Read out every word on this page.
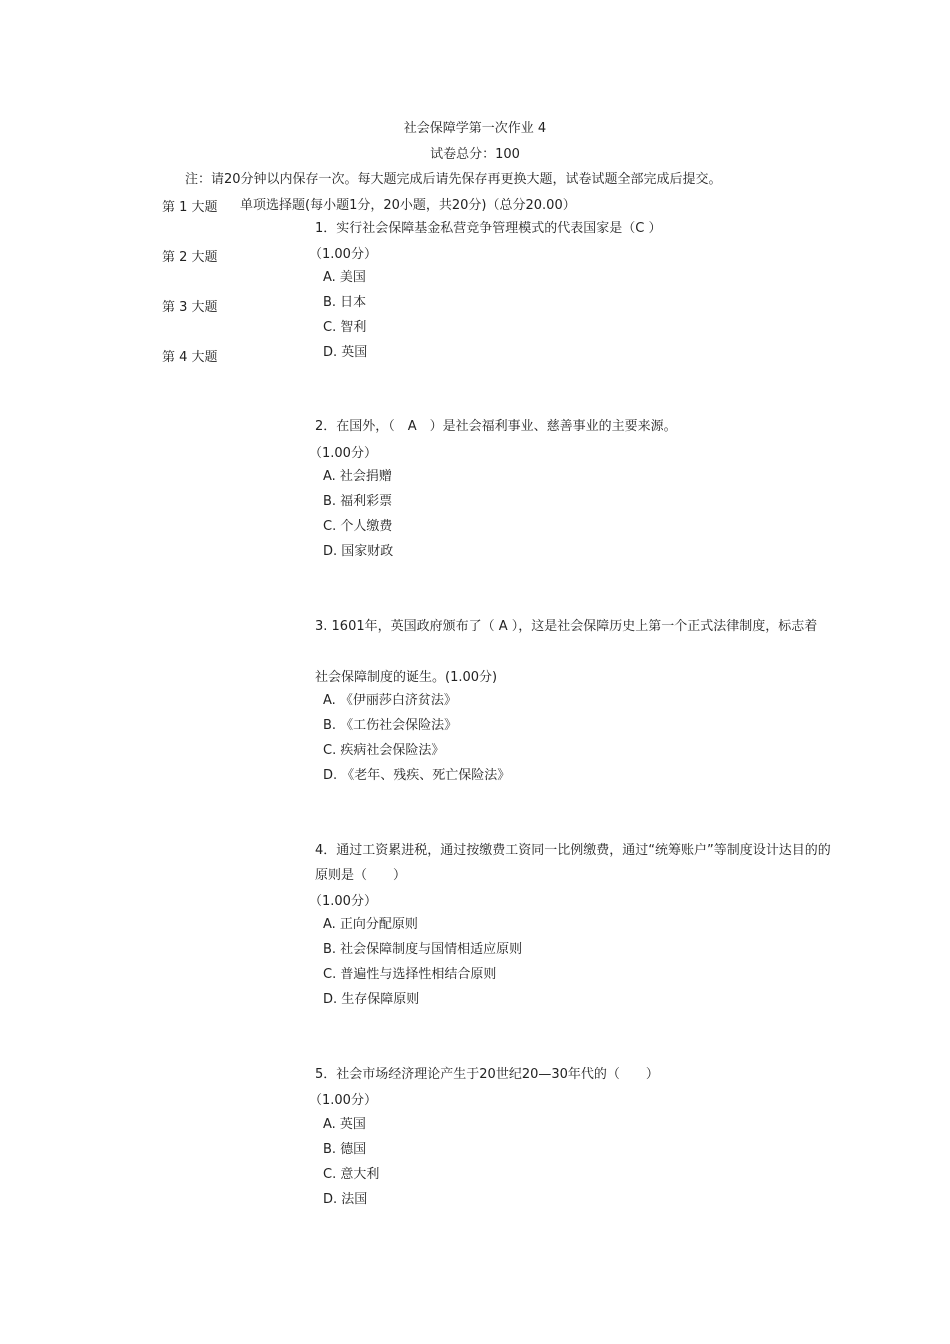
社会保障学第一次作业 4
试卷总分：100
注：请20分钟以内保存一次。每大题完成后请先保存再更换大题，试卷试题全部完成后提交。
第 1 大题
第 2 大题
第 3 大题
第 4 大题
单项选择题(每小题1分，20小题，共20分)（总分20.00）
1．实行社会保障基金私营竞争管理模式的代表国家是（C ）
（1.00分）
A. 美国
B. 日本
C. 智利
D. 英国
2．在国外，（　A　）是社会福利事业、慈善事业的主要来源。
（1.00分）
A. 社会捐赠
B. 福利彩票
C. 个人缴费
D. 国家财政
3. 1601年，英国政府颁布了（ A ），这是社会保障历史上第一个正式法律制度，标志着
社会保障制度的诞生。(1.00分)
A. 《伊丽莎白济贫法》
B. 《工伤社会保险法》
C. 疾病社会保险法》
D. 《老年、残疾、死亡保险法》
4．通过工资累进税，通过按缴费工资同一比例缴费，通过“统筹账户”等制度设计达目的的原则是（　　）
（1.00分）
A. 正向分配原则
B. 社会保障制度与国情相适应原则
C. 普遍性与选择性相结合原则
D. 生存保障原则
5．社会市场经济理论产生于20世纪20—30年代的（　　）
（1.00分）
A. 英国
B. 德国
C. 意大利
D. 法国
